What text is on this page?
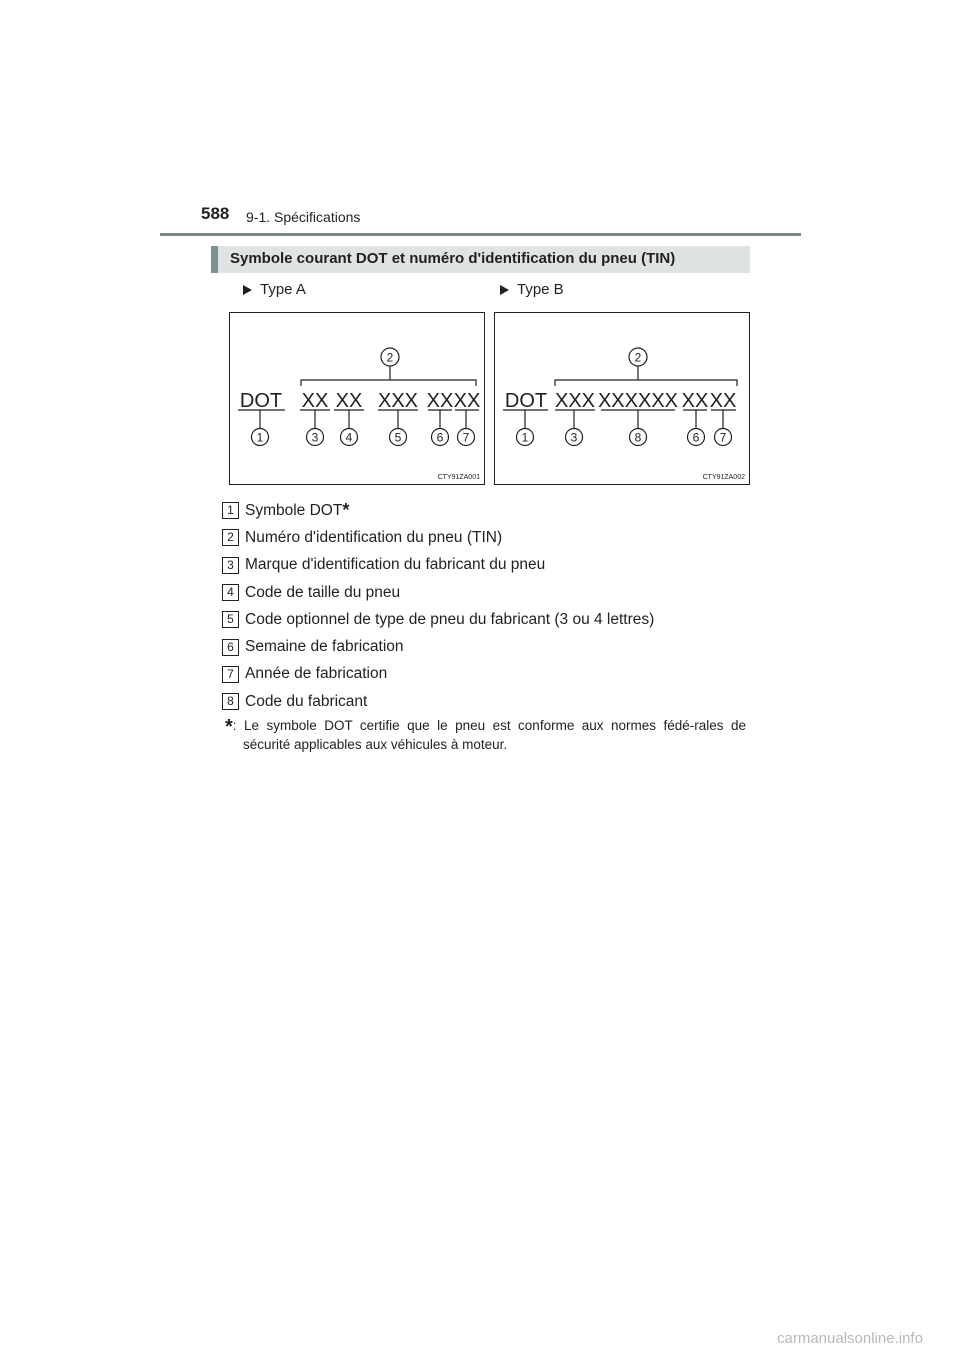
588 9-1. Spécifications
Symbole courant DOT et numéro d'identification du pneu (TIN)
Type A	Type B
2
DOT XX XX XXX XX XX
1	3 4	5	6 7
CTY91ZA001
2
DOT XXX XXXXXX XX XX
1	3	8	6 7
CTY91ZA002
1 Symbole DOT *
2 Numéro d'identification du pneu (TIN)
3 Marque d'identification du fabricant du pneu
4 Code de taille du pneu
5 Code optionnel de type de pneu du fabricant (3 ou 4 lettres)
6 Semaine de fabrication
7 Année de fabrication
8 Code du fabricant
*: Le symbole DOT certifie que le pneu est conforme aux normes fédé-rales de sécurité applicables aux véhicules à moteur.
carmanualsonline.info
